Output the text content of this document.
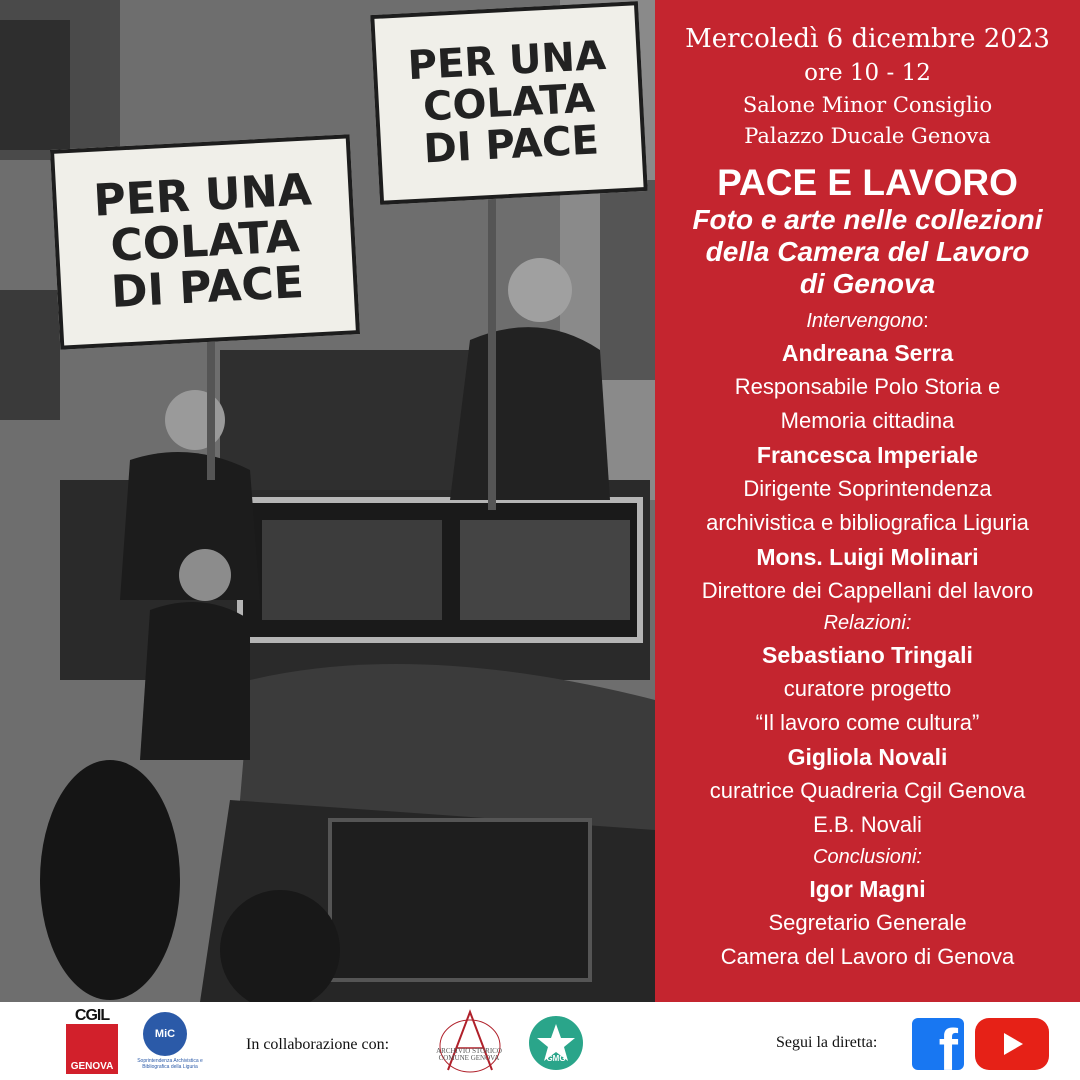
PER UNA
COLATA
DI PACE
PER UNA
COLATA
DI PACE
Mercoledì 6 dicembre 2023
ore 10 - 12
Salone Minor Consiglio
Palazzo Ducale Genova
PACE E LAVORO
Foto e arte nelle collezioni
della Camera del Lavoro
di Genova
Intervengono:
Andreana Serra
Responsabile Polo Storia e
Memoria cittadina
Francesca Imperiale
Dirigente Soprintendenza
archivistica e bibliografica Liguria
Mons. Luigi Molinari
Direttore dei Cappellani del lavoro
Relazioni:
Sebastiano Tringali
curatore progetto
“Il lavoro come cultura”
Gigliola Novali
curatrice Quadreria Cgil Genova
E.B. Novali
Conclusioni:
Igor Magni
Segretario Generale
Camera del Lavoro di Genova
CGIL
GENOVA
MiC
Soprintendenza Archivistica e Bibliografica della Liguria
In collaborazione con:	ARCHIVIO STORICO COMUNE GENOVA	GMG
Segui la diretta: f
